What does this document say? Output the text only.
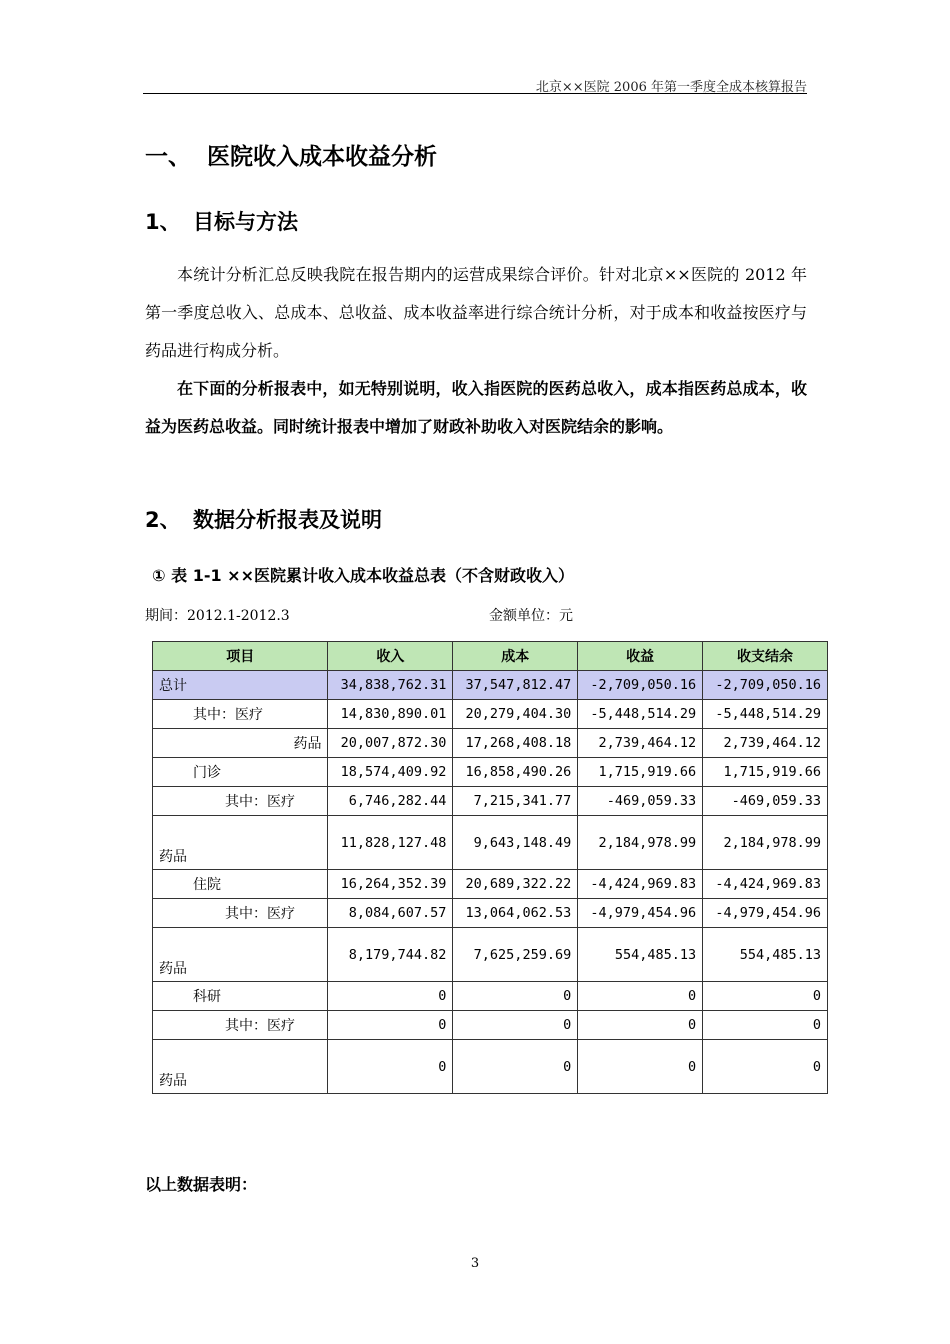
北京××医院 2006 年第一季度全成本核算报告
一、 医院收入成本收益分析
1、 目标与方法
本统计分析汇总反映我院在报告期内的运营成果综合评价。针对北京××医院的 2012 年第一季度总收入、总成本、总收益、成本收益率进行综合统计分析，对于成本和收益按医疗与药品进行构成分析。
在下面的分析报表中，如无特别说明，收入指医院的医药总收入，成本指医药总成本，收益为医药总收益。同时统计报表中增加了财政补助收入对医院结余的影响。
2、 数据分析报表及说明
① 表 1-1 ××医院累计收入成本收益总表（不含财政收入）
期间：2012.1-2012.3	金额单位：元
项目	收入	成本	收益	收支结余
总计	34,838,762.31	37,547,812.47	-2,709,050.16	-2,709,050.16
其中：医疗	14,830,890.01	20,279,404.30	-5,448,514.29	-5,448,514.29
药品	20,007,872.30	17,268,408.18	2,739,464.12	2,739,464.12
门诊	18,574,409.92	16,858,490.26	1,715,919.66	1,715,919.66
其中：医疗	6,746,282.44	7,215,341.77	-469,059.33	-469,059.33
药品	11,828,127.48	9,643,148.49	2,184,978.99	2,184,978.99
住院	16,264,352.39	20,689,322.22	-4,424,969.83	-4,424,969.83
其中：医疗	8,084,607.57	13,064,062.53	-4,979,454.96	-4,979,454.96
药品	8,179,744.82	7,625,259.69	554,485.13	554,485.13
科研	0	0	0	0
其中：医疗	0	0	0	0
药品	0	0	0	0
以上数据表明：
3
